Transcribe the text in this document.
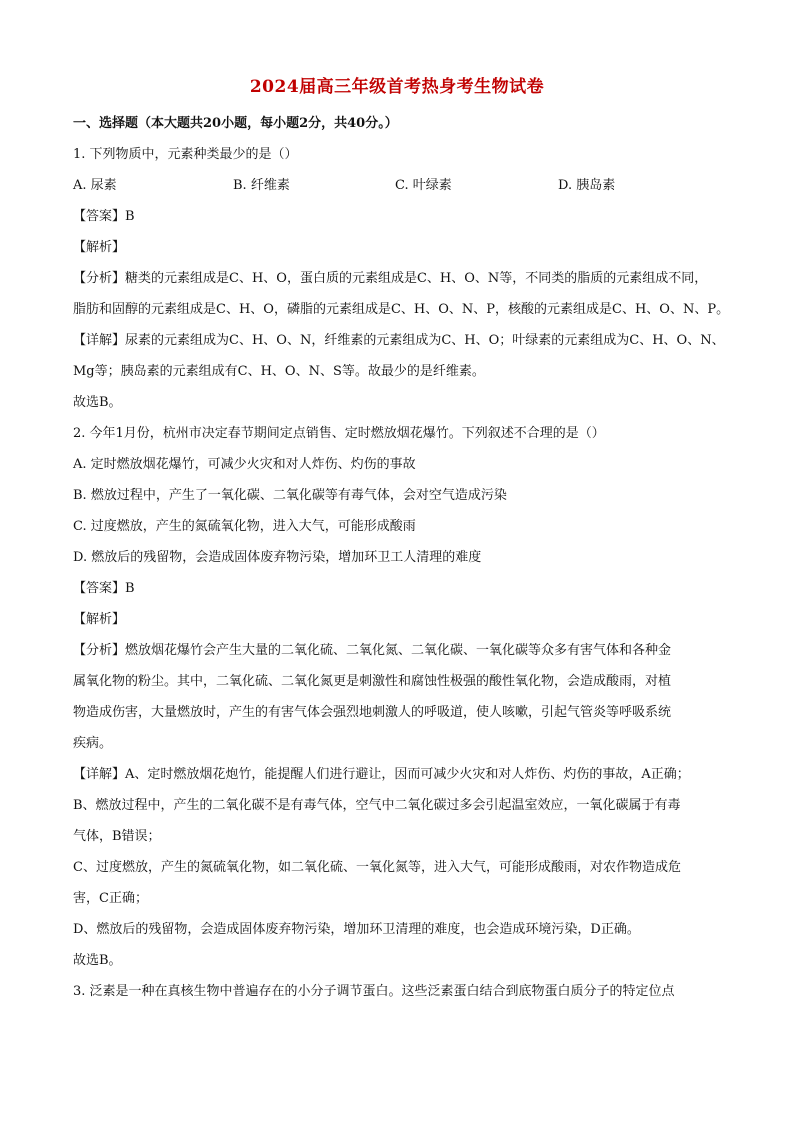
2024届高三年级首考热身考生物试卷
一、选择题（本大题共20小题，每小题2分，共40分。）
1. 下列物质中，元素种类最少的是（）
A. 尿素	B. 纤维素	C. 叶绿素	D. 胰岛素
【答案】B
【解析】
【分析】糖类的元素组成是C、H、O，蛋白质的元素组成是C、H、O、N等，不同类的脂质的元素组成不同，
脂肪和固醇的元素组成是C、H、O，磷脂的元素组成是C、H、O、N、P，核酸的元素组成是C、H、O、N、P。
【详解】尿素的元素组成为C、H、O、N，纤维素的元素组成为C、H、O；叶绿素的元素组成为C、H、O、N、
Mg等；胰岛素的元素组成有C、H、O、N、S等。故最少的是纤维素。
故选B。
2. 今年1月份，杭州市决定春节期间定点销售、定时燃放烟花爆竹。下列叙述不合理的是（）
A. 定时燃放烟花爆竹，可减少火灾和对人炸伤、灼伤的事故
B. 燃放过程中，产生了一氧化碳、二氧化碳等有毒气体，会对空气造成污染
C. 过度燃放，产生的氮硫氧化物，进入大气，可能形成酸雨
D. 燃放后的残留物，会造成固体废弃物污染，增加环卫工人清理的难度
【答案】B
【解析】
【分析】燃放烟花爆竹会产生大量的二氧化硫、二氧化氮、二氧化碳、一氧化碳等众多有害气体和各种金
属氧化物的粉尘。其中，二氧化硫、二氧化氮更是刺激性和腐蚀性极强的酸性氧化物，会造成酸雨，对植
物造成伤害，大量燃放时，产生的有害气体会强烈地刺激人的呼吸道，使人咳嗽，引起气管炎等呼吸系统
疾病。
【详解】A、定时燃放烟花炮竹，能提醒人们进行避让，因而可减少火灾和对人炸伤、灼伤的事故，A正确；
B、燃放过程中，产生的二氧化碳不是有毒气体，空气中二氧化碳过多会引起温室效应，一氧化碳属于有毒
气体，B错误；
C、过度燃放，产生的氮硫氧化物，如二氧化硫、一氧化氮等，进入大气，可能形成酸雨，对农作物造成危
害，C正确；
D、燃放后的残留物，会造成固体废弃物污染，增加环卫清理的难度，也会造成环境污染，D正确。
故选B。
3. 泛素是一种在真核生物中普遍存在的小分子调节蛋白。这些泛素蛋白结合到底物蛋白质分子的特定位点
